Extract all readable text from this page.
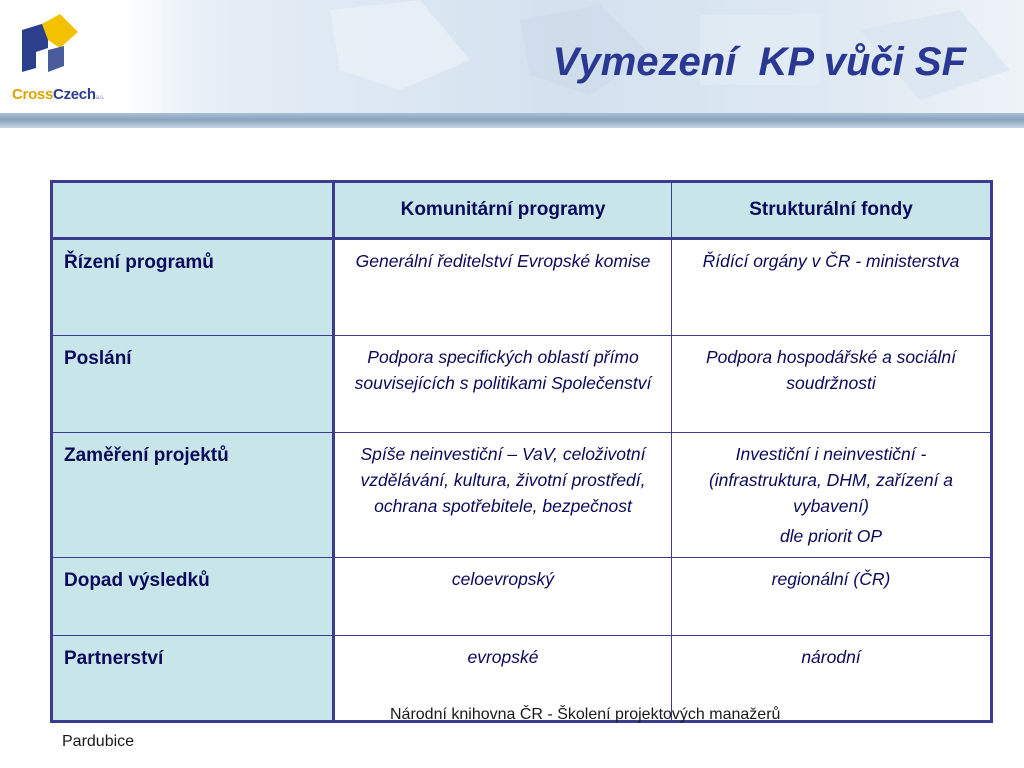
CrossCzecha.s.
Vymezení  KP vůči SF
	Komunitární programy	Strukturální fondy
Řízení programů	Generální ředitelství Evropské komise	Řídící orgány v ČR - ministerstva
Poslání	Podpora specifických oblastí přímo souvisejících s politikami Společenství	Podpora hospodářské a sociální soudržnosti
Zaměření projektů	Spíše neinvestiční – VaV, celoživotní vzdělávání, kultura, životní prostředí, ochrana spotřebitele, bezpečnost	Investiční i neinvestiční - (infrastruktura, DHM, zařízení a vybavení)
dle priorit OP

Dopad výsledků	celoevropský	regionální (ČR)
Partnerství	evropské	národní
Národní knihovna ČR - Školení projektových manažerů
Pardubice
